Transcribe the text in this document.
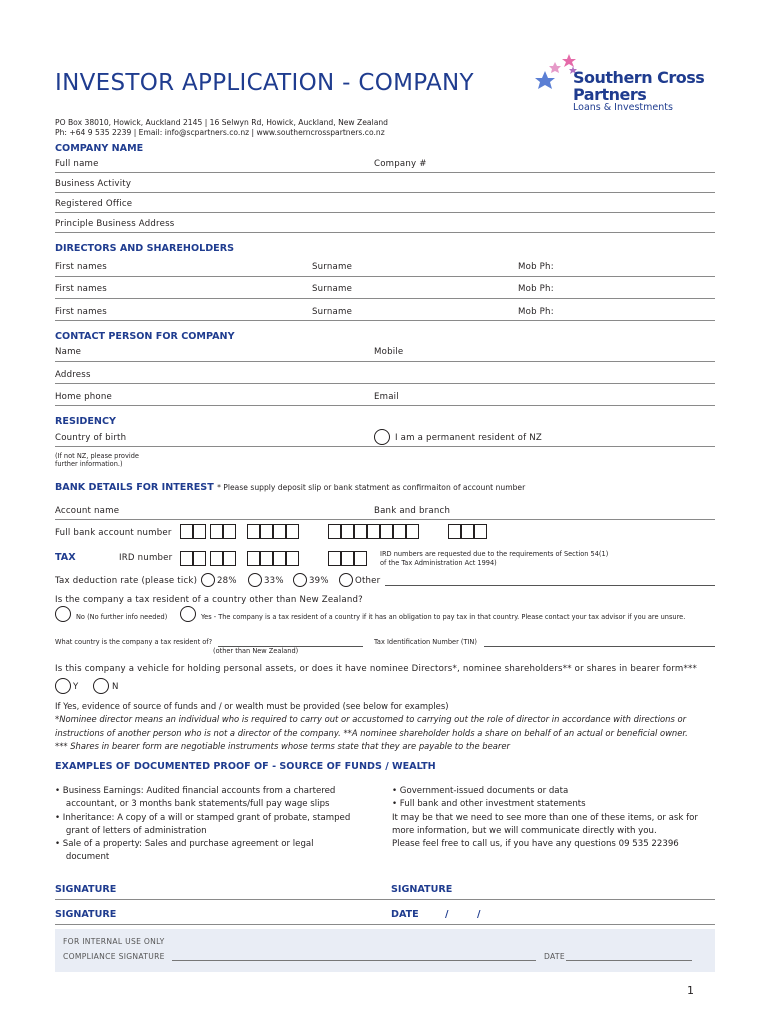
INVESTOR APPLICATION - COMPANY	Southern Cross
Partners
Loans & Investments
PO Box 38010, Howick, Auckland 2145 | 16 Selwyn Rd, Howick, Auckland, New Zealand
Ph: +64 9 535 2239 | Email: info@scpartners.co.nz | www.southerncrosspartners.co.nz
COMPANY NAME
Full name	Company #
Business Activity
Registered Office
Principle Business Address
DIRECTORS AND SHAREHOLDERS
First names	Surname	Mob Ph:
First names	Surname	Mob Ph:
First names	Surname	Mob Ph:
CONTACT PERSON FOR COMPANY
Name	Mobile
Address
Home phone	Email
RESIDENCY
Country of birth	I am a permanent resident of NZ
(If not NZ, please provide
further information.)
BANK DETAILS FOR INTEREST * Please supply deposit slip or bank statment as confirmaiton of account number
Account name	Bank and branch
Full bank account number
TAX	IRD number	IRD numbers are requested due to the requirements of Section 54(1)
of the Tax Administration Act 1994)
Tax deduction rate (please tick) 28%	33%	39%	Other
Is the company a tax resident of a country other than New Zealand?
No (No further info needed)	Yes - The company is a tax resident of a country if it has an obligation to pay tax in that country. Please contact your tax advisor if you are unsure.
What country is the company a tax resident of?
(other than New Zealand)
Tax Identification Number (TIN)
Is this company a vehicle for holding personal assets, or does it have nominee Directors*, nominee shareholders** or shares in bearer form***
Y	N
If Yes, evidence of source of funds and / or wealth must be provided (see below for examples)
*Nominee director means an individual who is required to carry out or accustomed to carrying out the role of director in accordance with directions or
instructions of another person who is not a director of the company. **A nominee shareholder holds a share on behalf of an actual or beneficial owner.
*** Shares in bearer form are negotiable instruments whose terms state that they are payable to the bearer
EXAMPLES OF DOCUMENTED PROOF OF - SOURCE OF FUNDS / WEALTH
• Business Earnings: Audited financial accounts from a chartered
accountant, or 3 months bank statements/full pay wage slips
• Inheritance: A copy of a will or stamped grant of probate, stamped
grant of letters of administration
• Sale of a property: Sales and purchase agreement or legal
document
• Government-issued documents or data
• Full bank and other investment statements
It may be that we need to see more than one of these items, or ask for
more information, but we will communicate directly with you.
Please feel free to call us, if you have any questions 09 535 22396
SIGNATURE	SIGNATURE
SIGNATURE	DATE	/	/
FOR INTERNAL USE ONLY
COMPLIANCE SIGNATURE	DATE
1
